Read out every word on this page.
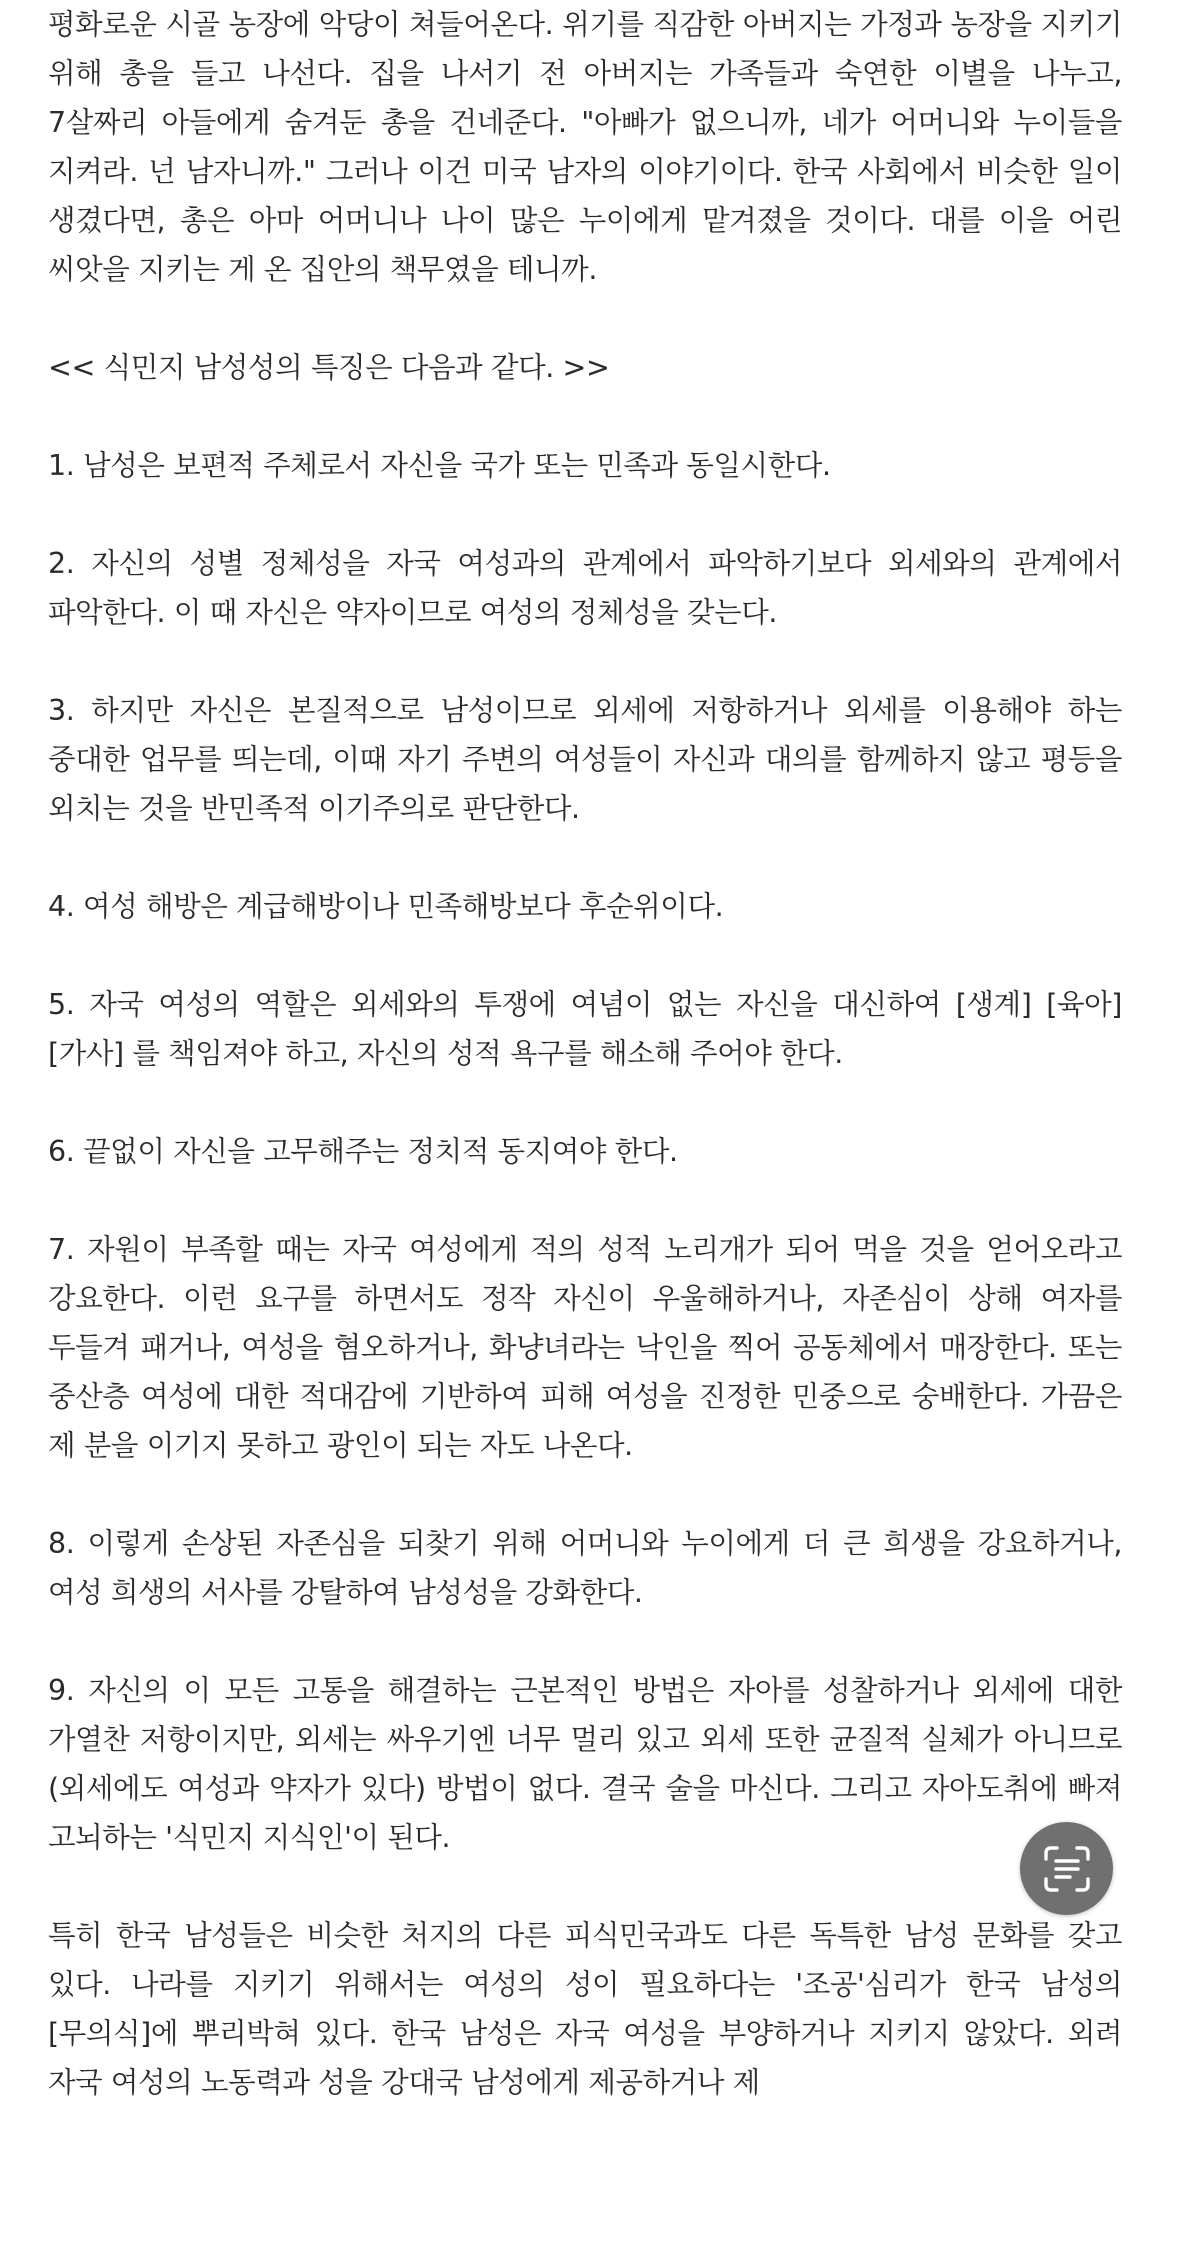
평화로운 시골 농장에 악당이 쳐들어온다. 위기를 직감한 아버지는 가정과 농장을 지키기 위해 총을 들고 나선다. 집을 나서기 전 아버지는 가족들과 숙연한 이별을 나누고, 7살짜리 아들에게 숨겨둔 총을 건네준다. "아빠가 없으니까, 네가 어머니와 누이들을 지켜라. 넌 남자니까." 그러나 이건 미국 남자의 이야기이다. 한국 사회에서 비슷한 일이 생겼다면, 총은 아마 어머니나 나이 많은 누이에게 맡겨졌을 것이다. 대를 이을 어린 씨앗을 지키는 게 온 집안의 책무였을 테니까.

<< 식민지 남성성의 특징은 다음과 같다. >>

1. 남성은 보편적 주체로서 자신을 국가 또는 민족과 동일시한다.

2. 자신의 성별 정체성을 자국 여성과의 관계에서 파악하기보다 외세와의 관계에서 파악한다. 이 때 자신은 약자이므로 여성의 정체성을 갖는다.

3. 하지만 자신은 본질적으로 남성이므로 외세에 저항하거나 외세를 이용해야 하는 중대한 업무를 띄는데, 이때 자기 주변의 여성들이 자신과 대의를 함께하지 않고 평등을 외치는 것을 반민족적 이기주의로 판단한다.

4. 여성 해방은 계급해방이나 민족해방보다 후순위이다.

5. 자국 여성의 역할은 외세와의 투쟁에 여념이 없는 자신을 대신하여 [생계] [육아] [가사] 를 책임져야 하고, 자신의 성적 욕구를 해소해 주어야 한다.

6. 끝없이 자신을 고무해주는 정치적 동지여야 한다.

7. 자원이 부족할 때는 자국 여성에게 적의 성적 노리개가 되어 먹을 것을 얻어오라고 강요한다. 이런 요구를 하면서도 정작 자신이 우울해하거나, 자존심이 상해 여자를 두들겨 패거나, 여성을 혐오하거나, 화냥녀라는 낙인을 찍어 공동체에서 매장한다. 또는 중산층 여성에 대한 적대감에 기반하여 피해 여성을 진정한 민중으로 숭배한다. 가끔은 제 분을 이기지 못하고 광인이 되는 자도 나온다.

8. 이렇게 손상된 자존심을 되찾기 위해 어머니와 누이에게 더 큰 희생을 강요하거나, 여성 희생의 서사를 강탈하여 남성성을 강화한다.

9. 자신의 이 모든 고통을 해결하는 근본적인 방법은 자아를 성찰하거나 외세에 대한 가열찬 저항이지만, 외세는 싸우기엔 너무 멀리 있고 외세 또한 균질적 실체가 아니므로(외세에도 여성과 약자가 있다) 방법이 없다. 결국 술을 마신다. 그리고 자아도취에 빠져 고뇌하는 '식민지 지식인'이 된다.

특히 한국 남성들은 비슷한 처지의 다른 피식민국과도 다른 독특한 남성 문화를 갖고 있다. 나라를 지키기 위해서는 여성의 성이 필요하다는 '조공'심리가 한국 남성의 [무의식]에 뿌리박혀 있다. 한국 남성은 자국 여성을 부양하거나 지키지 않았다. 외려 자국 여성의 노동력과 성을 강대국 남성에게 제공하거나 제
